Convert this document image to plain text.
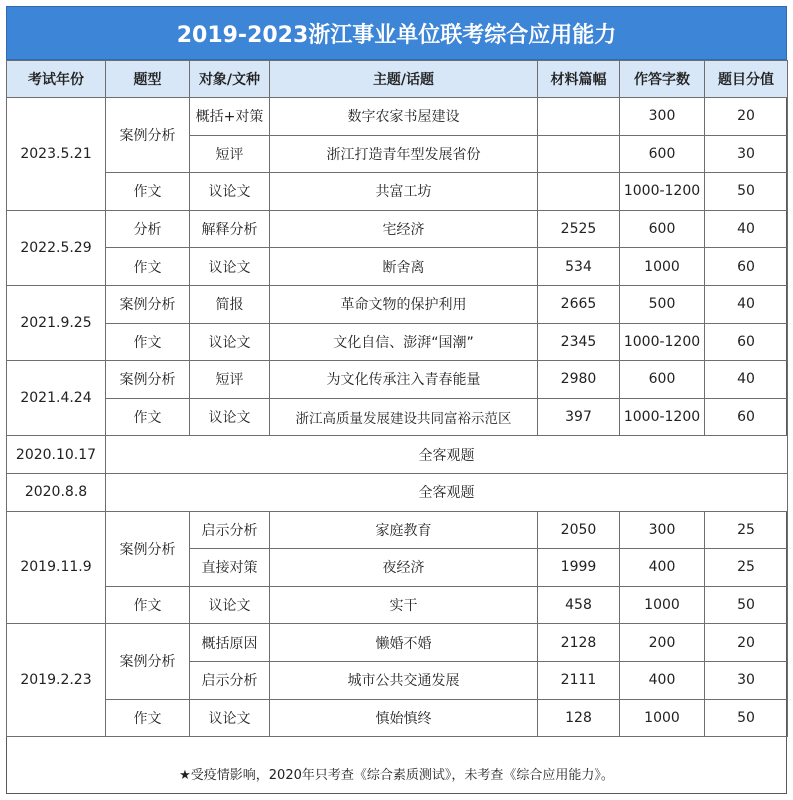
2019-2023浙江事业单位联考综合应用能力
考试年份	题型	对象/文种	主题/话题	材料篇幅	作答字数	题目分值
2023.5.21	案例分析	概括+对策	数字农家书屋建设		300	20
		短评	浙江打造青年型发展省份		600	30
	作文	议论文	共富工坊		1000-1200	50
2022.5.29	分析	解释分析	宅经济	2525	600	40
	作文	议论文	断舍离	534	1000	60
2021.9.25	案例分析	简报	革命文物的保护利用	2665	500	40
	作文	议论文	文化自信、澎湃“国潮”	2345	1000-1200	60
2021.4.24	案例分析	短评	为文化传承注入青春能量	2980	600	40
	作文	议论文	浙江高质量发展建设共同富裕示范区	397	1000-1200	60
2020.10.17	全客观题					
2020.8.8	全客观题					
2019.11.9	案例分析	启示分析	家庭教育	2050	300	25
		直接对策	夜经济	1999	400	25
	作文	议论文	实干	458	1000	50
2019.2.23	案例分析	概括原因	懒婚不婚	2128	200	20
		启示分析	城市公共交通发展	2111	400	30
	作文	议论文	慎始慎终	128	1000	50
★受疫情影响，2020年只考查《综合素质测试》，未考查《综合应用能力》。
